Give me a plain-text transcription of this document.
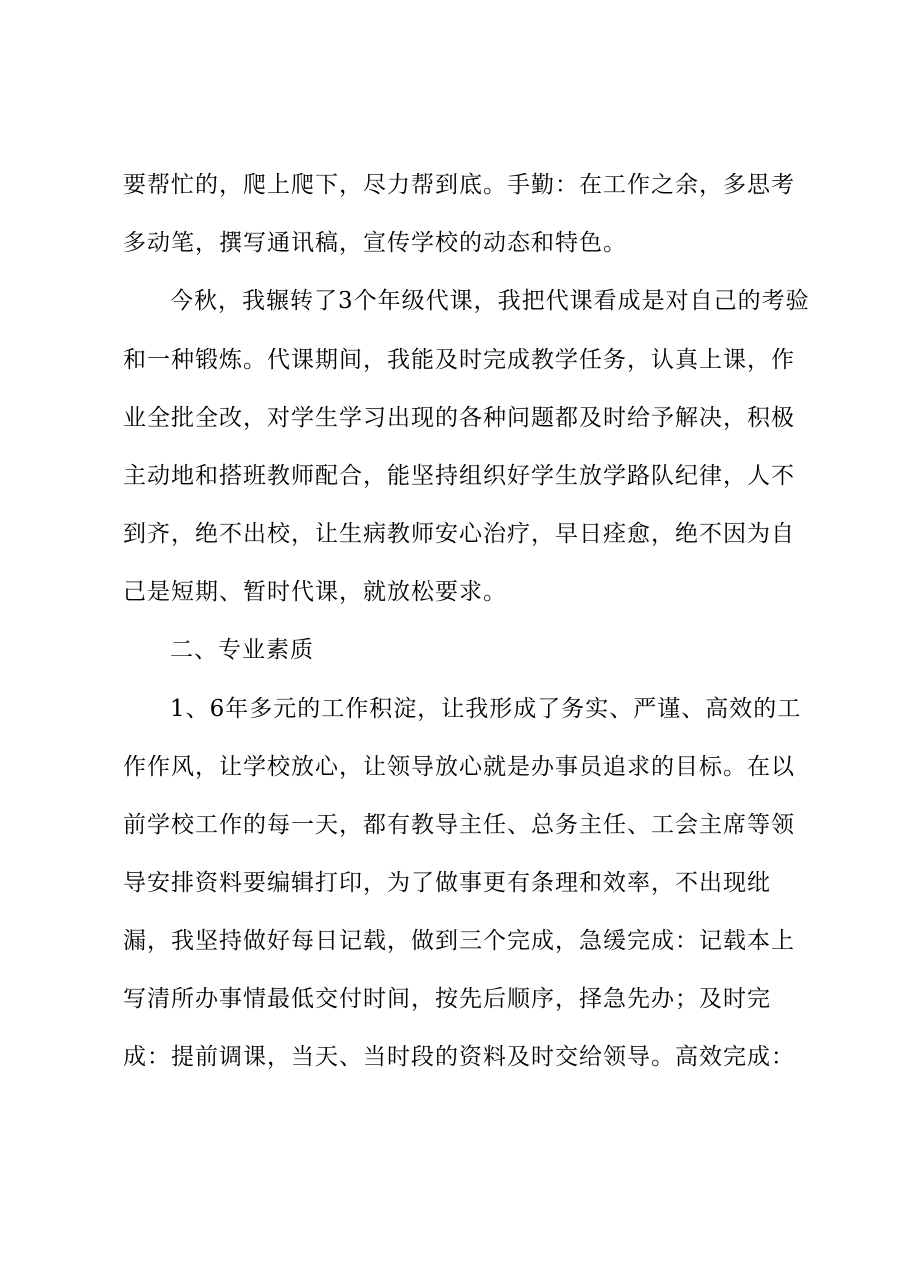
要帮忙的，爬上爬下，尽力帮到底。手勤：在工作之余，多思考
多动笔，撰写通讯稿，宣传学校的动态和特色。
今秋，我辗转了3个年级代课，我把代课看成是对自己的考验
和一种锻炼。代课期间，我能及时完成教学任务，认真上课，作
业全批全改，对学生学习出现的各种问题都及时给予解决，积极
主动地和搭班教师配合，能坚持组织好学生放学路队纪律，人不
到齐，绝不出校，让生病教师安心治疗，早日痊愈，绝不因为自
己是短期、暂时代课，就放松要求。
二、专业素质
1、6年多元的工作积淀，让我形成了务实、严谨、高效的工
作作风，让学校放心，让领导放心就是办事员追求的目标。在以
前学校工作的每一天，都有教导主任、总务主任、工会主席等领
导安排资料要编辑打印，为了做事更有条理和效率，不出现纰
漏，我坚持做好每日记载，做到三个完成，急缓完成：记载本上
写清所办事情最低交付时间，按先后顺序，择急先办；及时完
成：提前调课，当天、当时段的资料及时交给领导。高效完成：
